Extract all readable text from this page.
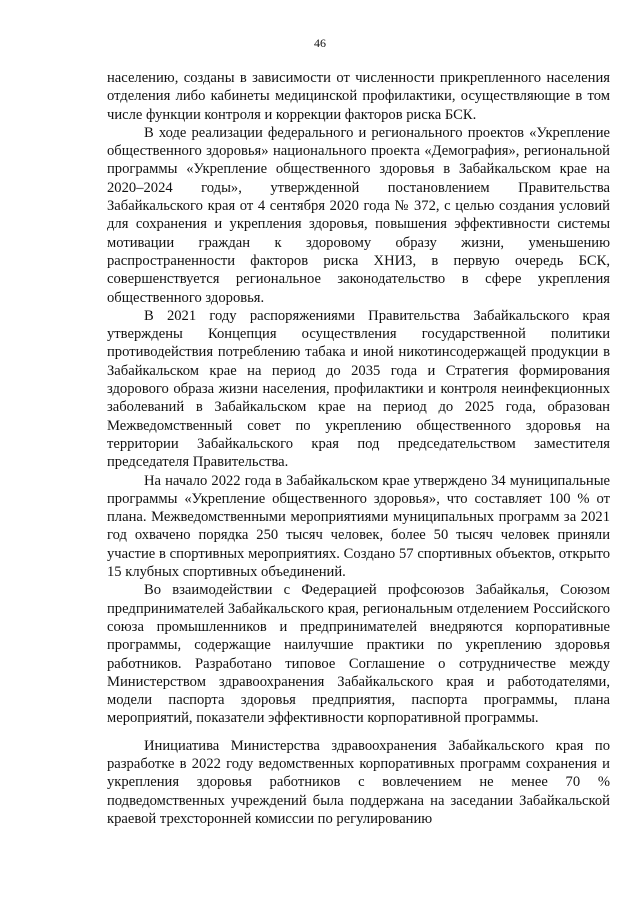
46

населению, созданы в зависимости от численности прикрепленного населения отделения либо кабинеты медицинской профилактики, осуществляющие в том числе функции контроля и коррекции факторов риска БСК.

В ходе реализации федерального и регионального проектов «Укрепление общественного здоровья» национального проекта «Демография», региональной программы «Укрепление общественного здоровья в Забайкальском крае на 2020–2024 годы», утвержденной постановлением Правительства Забайкальского края от 4 сентября 2020 года № 372, с целью создания условий для сохранения и укрепления здоровья, повышения эффективности системы мотивации граждан к здоровому образу жизни, уменьшению распространенности факторов риска ХНИЗ, в первую очередь БСК, совершенствуется региональное законодательство в сфере укрепления общественного здоровья.

В 2021 году распоряжениями Правительства Забайкальского края утверждены Концепция осуществления государственной политики противодействия потреблению табака и иной никотинсодержащей продукции в Забайкальском крае на период до 2035 года и Стратегия формирования здорового образа жизни населения, профилактики и контроля неинфекционных заболеваний в Забайкальском крае на период до 2025 года, образован Межведомственный совет по укреплению общественного здоровья на территории Забайкальского края под председательством заместителя председателя Правительства.

На начало 2022 года в Забайкальском крае утверждено 34 муниципальные программы «Укрепление общественного здоровья», что составляет 100 % от плана. Межведомственными мероприятиями муниципальных программ за 2021 год охвачено порядка 250 тысяч человек, более 50 тысяч человек приняли участие в спортивных мероприятиях. Создано 57 спортивных объектов, открыто 15 клубных спортивных объединений.

Во взаимодействии с Федерацией профсоюзов Забайкалья, Союзом предпринимателей Забайкальского края, региональным отделением Российского союза промышленников и предпринимателей внедряются корпоративные программы, содержащие наилучшие практики по укреплению здоровья работников. Разработано типовое Соглашение о сотрудничестве между Министерством здравоохранения Забайкальского края и работодателями, модели паспорта здоровья предприятия, паспорта программы, плана мероприятий, показатели эффективности корпоративной программы.

Инициатива Министерства здравоохранения Забайкальского края по разработке в 2022 году ведомственных корпоративных программ сохранения и укрепления здоровья работников с вовлечением не менее 70 % подведомственных учреждений была поддержана на заседании Забайкальской краевой трехсторонней комиссии по регулированию
